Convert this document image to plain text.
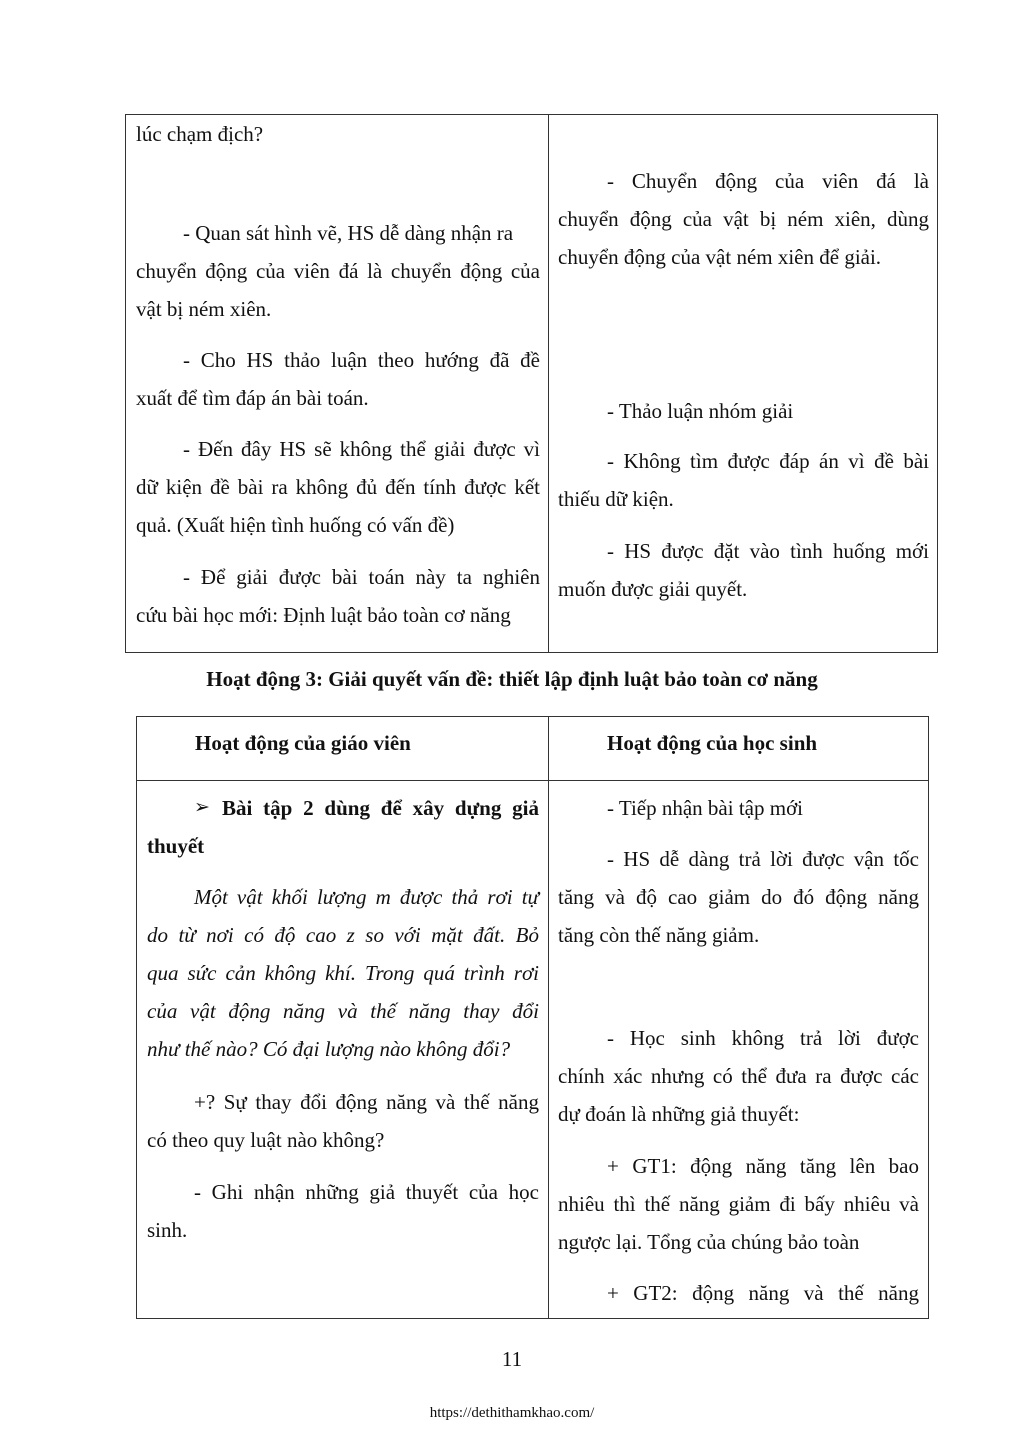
lúc chạm địch?
- Quan sát hình vẽ, HS dễ dàng nhận ra
chuyển động của viên đá là chuyển động của
vật bị ném xiên.
- Cho HS thảo luận theo hướng đã đề
xuất để tìm đáp án bài toán.
- Đến đây HS sẽ không thể giải được vì
dữ kiện đề bài ra không đủ đến tính được kết
quả. (Xuất hiện tình huống có vấn đề)
- Để giải được bài toán này ta nghiên
cứu bài học mới: Định luật bảo toàn cơ năng
- Chuyển động của viên đá là
chuyển động của vật bị ném xiên, dùng
chuyển động của vật ném xiên để giải.
- Thảo luận nhóm giải
- Không tìm được đáp án vì đề bài
thiếu dữ kiện.
- HS được đặt vào tình huống mới
muốn được giải quyết.
Hoạt động 3: Giải quyết vấn đề: thiết lập định luật bảo toàn cơ năng
Hoạt động của giáo viên	Hoạt động của học sinh
➢ Bài tập 2 dùng để xây dựng giả
thuyết
Một vật khối lượng m được thả rơi tự
do từ nơi có độ cao z so với mặt đất. Bỏ
qua sức cản không khí. Trong quá trình rơi
của vật động năng và thế năng thay đổi
như thế nào? Có đại lượng nào không đổi?
+? Sự thay đổi động năng và thế năng
có theo quy luật nào không?
- Ghi nhận những giả thuyết của học
sinh.
- Tiếp nhận bài tập mới
- HS dễ dàng trả lời được vận tốc
tăng và độ cao giảm do đó động năng
tăng còn thế năng giảm.
- Học sinh không trả lời được
chính xác nhưng có thể đưa ra được các
dự đoán là những giả thuyết:
+ GT1: động năng tăng lên bao
nhiêu thì thế năng giảm đi bấy nhiêu và
ngược lại. Tổng của chúng bảo toàn
+ GT2: động năng và thế năng
11
https://dethithamkhao.com/
